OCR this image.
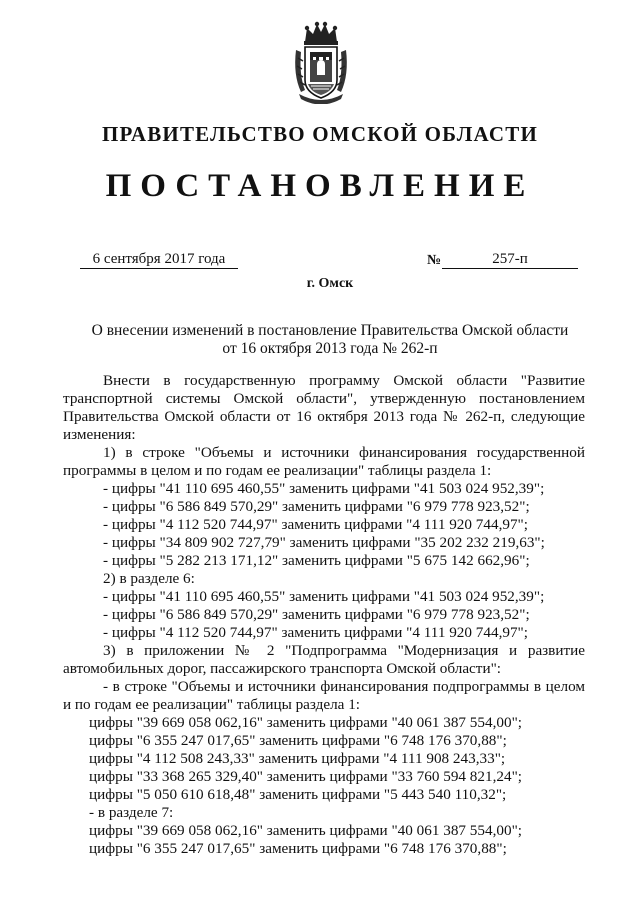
ПРАВИТЕЛЬСТВО ОМСКОЙ ОБЛАСТИ
ПОСТАНОВЛЕНИЕ
6 сентября 2017 года	№	257-п
г. Омск
О внесении изменений в постановление Правительства Омской области
от 16 октября 2013 года № 262-п

Внести в государственную программу Омской области "Развитие транспортной системы Омской области", утвержденную постановлением Правительства Омской области от 16 октября 2013 года № 262-п, следующие изменения:

1) в строке "Объемы и источники финансирования государственной программы в целом и по годам ее реализации" таблицы раздела 1:

- цифры "41 110 695 460,55" заменить цифрами "41 503 024 952,39";

- цифры "6 586 849 570,29" заменить цифрами "6 979 778 923,52";

- цифры "4 112 520 744,97" заменить цифрами "4 111 920 744,97";

- цифры "34 809 902 727,79" заменить цифрами "35 202 232 219,63";

- цифры "5 282 213 171,12" заменить цифрами "5 675 142 662,96";

2) в разделе 6:

- цифры "41 110 695 460,55" заменить цифрами "41 503 024 952,39";

- цифры "6 586 849 570,29" заменить цифрами "6 979 778 923,52";

- цифры "4 112 520 744,97" заменить цифрами "4 111 920 744,97";

3) в приложении № 2 "Подпрограмма "Модернизация и развитие автомобильных дорог, пассажирского транспорта Омской области":

- в строке "Объемы и источники финансирования подпрограммы в целом и по годам ее реализации" таблицы раздела 1:

цифры "39 669 058 062,16" заменить цифрами "40 061 387 554,00";

цифры "6 355 247 017,65" заменить цифрами "6 748 176 370,88";

цифры "4 112 508 243,33" заменить цифрами "4 111 908 243,33";

цифры "33 368 265 329,40" заменить цифрами "33 760 594 821,24";

цифры "5 050 610 618,48" заменить цифрами "5 443 540 110,32";

- в разделе 7:

цифры "39 669 058 062,16" заменить цифрами "40 061 387 554,00";

цифры "6 355 247 017,65" заменить цифрами "6 748 176 370,88";
